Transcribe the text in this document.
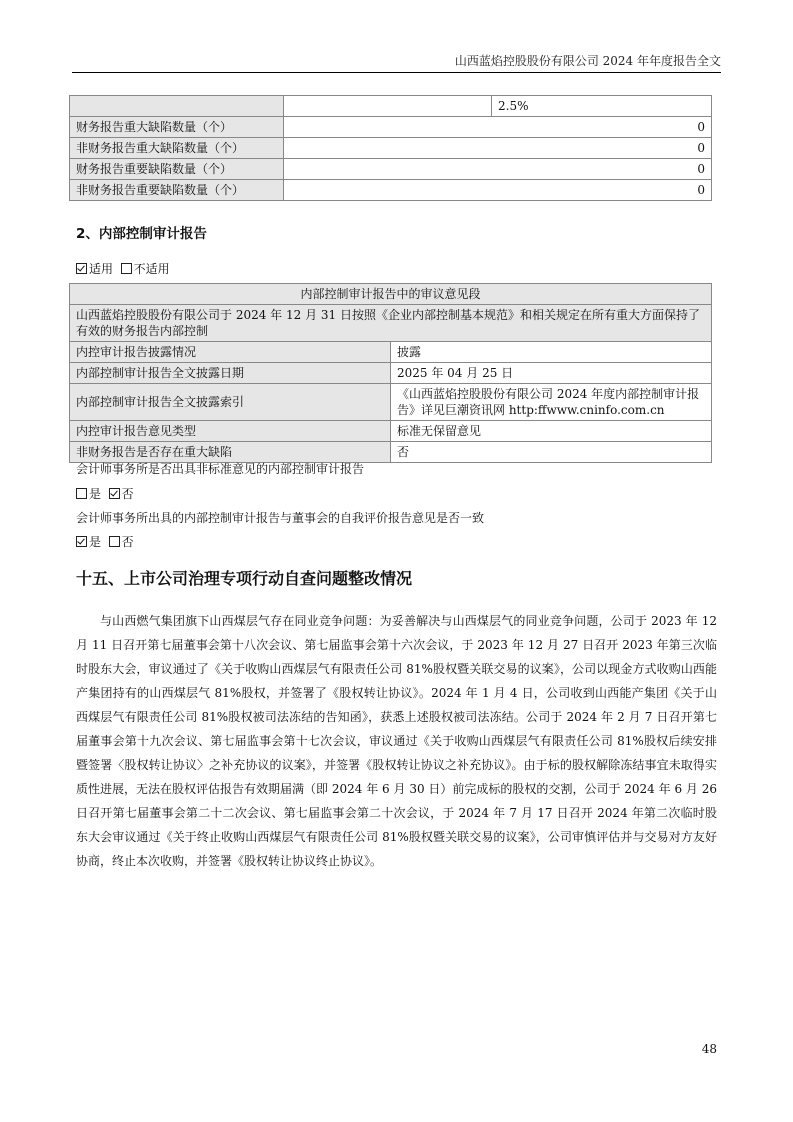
山西蓝焰控股股份有限公司 2024 年年度报告全文
		2.5%
财务报告重大缺陷数量（个）	0	
非财务报告重大缺陷数量（个）	0	
财务报告重要缺陷数量（个）	0	
非财务报告重要缺陷数量（个）	0	
2、内部控制审计报告
适用 不适用
内部控制审计报告中的审议意见段	
山西蓝焰控股股份有限公司于 2024 年 12 月 31 日按照《企业内部控制基本规范》和相关规定在所有重大方面保持了有效的财务报告内部控制	
内控审计报告披露情况	披露
内部控制审计报告全文披露日期	2025 年 04 月 25 日
内部控制审计报告全文披露索引	《山西蓝焰控股股份有限公司 2024 年度内部控制审计报告》详见巨潮资讯网 http:ffwww.cninfo.com.cn
内控审计报告意见类型	标准无保留意见
非财务报告是否存在重大缺陷	否
会计师事务所是否出具非标准意见的内部控制审计报告
是 否
会计师事务所出具的内部控制审计报告与董事会的自我评价报告意见是否一致
是 否
十五、上市公司治理专项行动自查问题整改情况

与山西燃气集团旗下山西煤层气存在同业竞争问题：为妥善解决与山西煤层气的同业竞争问题，公司于 2023 年 12 月 11 日召开第七届董事会第十八次会议、第七届监事会第十六次会议，于 2023 年 12 月 27 日召开 2023 年第三次临时股东大会，审议通过了《关于收购山西煤层气有限责任公司 81%股权暨关联交易的议案》，公司以现金方式收购山西能产集团持有的山西煤层气 81%股权，并签署了《股权转让协议》。2024 年 1 月 4 日，公司收到山西能产集团《关于山西煤层气有限责任公司 81%股权被司法冻结的告知函》，获悉上述股权被司法冻结。公司于 2024 年 2 月 7 日召开第七届董事会第十九次会议、第七届监事会第十七次会议，审议通过《关于收购山西煤层气有限责任公司 81%股权后续安排暨签署〈股权转让协议〉之补充协议的议案》，并签署《股权转让协议之补充协议》。由于标的股权解除冻结事宜未取得实质性进展，无法在股权评估报告有效期届满（即 2024 年 6 月 30 日）前完成标的股权的交割，公司于 2024 年 6 月 26 日召开第七届董事会第二十二次会议、第七届监事会第二十次会议，于 2024 年 7 月 17 日召开 2024 年第二次临时股东大会审议通过《关于终止收购山西煤层气有限责任公司 81%股权暨关联交易的议案》，公司审慎评估并与交易对方友好协商，终止本次收购，并签署《股权转让协议终止协议》。

48
